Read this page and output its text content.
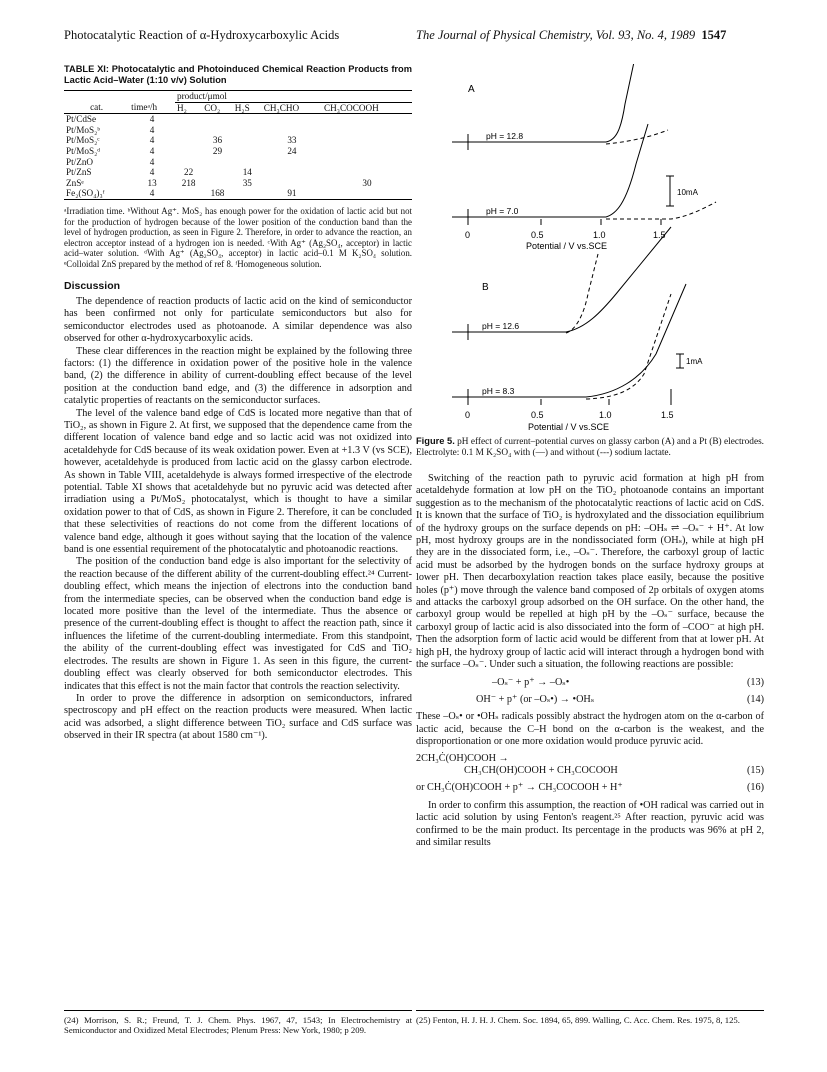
Photocatalytic Reaction of α-Hydroxycarboxylic Acids	The Journal of Physical Chemistry, Vol. 93, No. 4, 1989 1547
TABLE XI: Photocatalytic and Photoinduced Chemical Reaction Products from Lactic Acid–Water (1:10 v/v) Solution
		product/μmol				
cat.	timeᵃ/h	H₂	CO₂	H₂S	CH₃CHO	CH₃COCOOH
Pt/CdSe	4					
Pt/MoS₂ᵇ	4					
Pt/MoS₂ᶜ	4		36		33	
Pt/MoS₂ᵈ	4		29		24	
Pt/ZnO	4					
Pt/ZnS	4	22		14		
ZnSᵉ	13	218		35		30
Fe₂(SO₄)₃ᶠ	4		168		91	
ᵃIrradiation time. ᵇWithout Ag⁺. MoS₂ has enough power for the oxidation of lactic acid but not for the production of hydrogen because of the lower position of the conduction band than the level of hydrogen production, as seen in Figure 2. Therefore, in order to advance the reaction, an electron acceptor instead of a hydrogen ion is needed. ᶜWith Ag⁺ (Ag₂SO₄, acceptor) in lactic acid–water solution. ᵈWith Ag⁺ (Ag₂SO₄, acceptor) in lactic acid–0.1 M K₂SO₄ solution. ᵉColloidal ZnS prepared by the method of ref 8. ᶠHomogeneous solution.
Discussion

The dependence of reaction products of lactic acid on the kind of semiconductor has been confirmed not only for particulate semiconductors but also for semiconductor electrodes used as photoanode. A similar dependence was also observed for other α-hydroxycarboxylic acids.

These clear differences in the reaction might be explained by the following three factors: (1) the difference in oxidation power of the positive hole in the valence band, (2) the difference in ability of current-doubling effect because of the level position at the conduction band edge, and (3) the difference in adsorption and catalytic properties of reactants on the semiconductor surfaces.

The level of the valence band edge of CdS is located more negative than that of TiO₂, as shown in Figure 2. At first, we supposed that the dependence came from the different location of valence band edge and so lactic acid was not oxidized into acetaldehyde for CdS because of its weak oxidation power. Even at +1.3 V (vs SCE), however, acetaldehyde is produced from lactic acid on the glassy carbon electrode. As shown in Table VIII, acetaldehyde is always formed irrespective of the electrode potential. Table XI shows that acetaldehyde but no pyruvic acid was detected after irradiation using a Pt/MoS₂ photocatalyst, which is thought to have a similar oxidation power to that of CdS, as shown in Figure 2. Therefore, it can be concluded that these selectivities of reactions do not come from the different locations of valence band edge, although it goes without saying that the location of the valence band is one essential requirement of the photocatalytic and photoanodic reactions.

The position of the conduction band edge is also important for the selectivity of the reaction because of the different ability of the current-doubling effect.²⁴ Current-doubling effect, which means the injection of electrons into the conduction band from the intermediate species, can be observed when the conduction band edge is located more positive than the level of the intermediate. Thus the absence or presence of the current-doubling effect is thought to affect the reaction path, since it influences the lifetime of the current-doubling intermediate. From this standpoint, the ability of the current-doubling effect was investigated for CdS and TiO₂ electrodes. The results are shown in Figure 1. As seen in this figure, the current-doubling effect was clearly observed for both semiconductor electrodes. This indicates that this effect is not the main factor that controls the reaction selectivity.

In order to prove the difference in adsorption on semiconductors, infrared spectroscopy and pH effect on the reaction products were measured. When lactic acid was adsorbed, a slight difference between TiO₂ surface and CdS surface was observed in their IR spectra (at about 1580 cm⁻¹).

(24) Morrison, S. R.; Freund, T. J. Chem. Phys. 1967, 47, 1543; In Electrochemistry at Semiconductor and Oxidized Metal Electrodes; Plenum Press: New York, 1980; p 209.
A
pH = 12.8
pH = 7.0
10mA
0	0.5	1.0	1.5
Potential / V vs.SCE
B
pH = 12.6
pH = 8.3
1mA
0	0.5	1.0	1.5
Potential / V vs.SCE
Figure 5. pH effect of current–potential curves on glassy carbon (A) and a Pt (B) electrodes. Electrolyte: 0.1 M K₂SO₄ with (—) and without (---) sodium lactate.

Switching of the reaction path to pyruvic acid formation at high pH from acetaldehyde formation at low pH on the TiO₂ photoanode contains an important suggestion as to the mechanism of the photocatalytic reactions of lactic acid on CdS. It is known that the surface of TiO₂ is hydroxylated and the dissociation equilibrium of the hydroxy groups on the surface depends on pH: –OHₛ ⇌ –Oₛ⁻ + H⁺. At low pH, most hydroxy groups are in the nondissociated form (OHₛ), while at high pH they are in the dissociated form, i.e., –Oₛ⁻. Therefore, the carboxyl group of lactic acid must be adsorbed by the hydrogen bonds on the surface hydroxy groups at lower pH. Then decarboxylation reaction takes place easily, because the positive holes (p⁺) move through the valence band composed of 2p orbitals of oxygen atoms and attacks the carboxyl group adsorbed on the OH surface. On the other hand, the carboxyl group would be repelled at high pH by the –Oₛ⁻ surface, because the carboxyl group of lactic acid is also dissociated into the form of –COO⁻ at high pH. Then the adsorption form of lactic acid would be different from that at lower pH. At high pH, the hydroxy group of lactic acid will interact through a hydrogen bond with the surface –Oₛ⁻. Under such a situation, the following reactions are possible:

–Oₛ⁻ + p⁺ → –Oₛ•	(13)
OH⁻ + p⁺ (or –Oₛ•) → •OHₛ	(14)

These –Oₛ• or •OHₛ radicals possibly abstract the hydrogen atom on the α-carbon of lactic acid, because the C–H bond on the α-carbon is the weakest, and the disproportionation or one more oxidation would produce pyruvic acid.

2CH₃Ċ(OH)COOH →
CH₃CH(OH)COOH + CH₃COCOOH	(15)
or CH₃Ċ(OH)COOH + p⁺ → CH₃COCOOH + H⁺	(16)

In order to confirm this assumption, the reaction of •OH radical was carried out in lactic acid solution by using Fenton's reagent.²⁵ After reaction, pyruvic acid was confirmed to be the main product. Its percentage in the products was 96% at pH 2, and similar results

(25) Fenton, H. J. H. J. Chem. Soc. 1894, 65, 899. Walling, C. Acc. Chem. Res. 1975, 8, 125.
